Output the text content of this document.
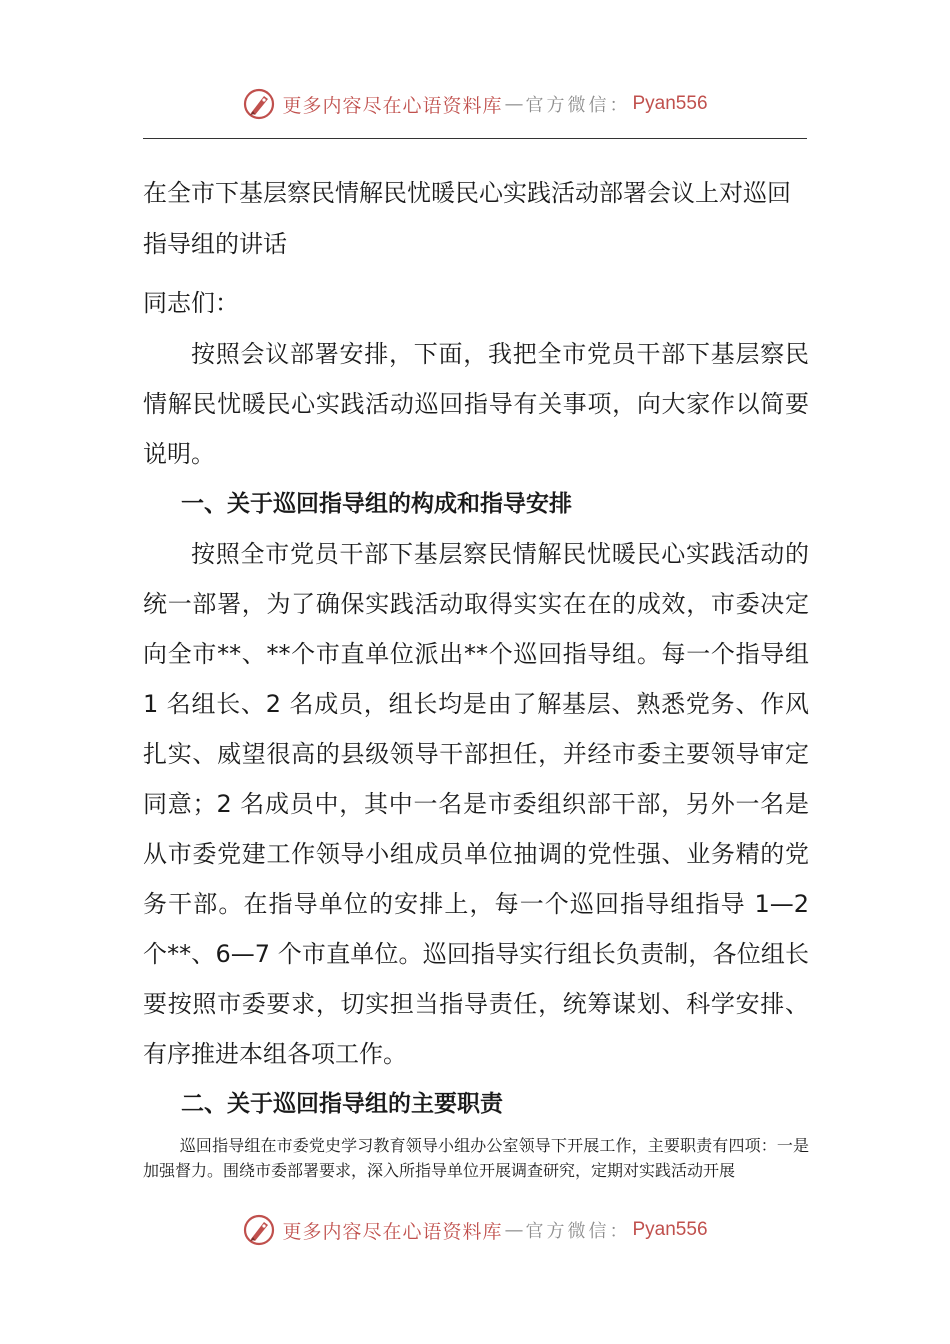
更多内容尽在心语资料库 — 官方微信： Pyan556

在全市下基层察民情解民忧暖民心实践活动部署会议上对巡回指导组的讲话

同志们：

按照会议部署安排，下面，我把全市党员干部下基层察民情解民忧暖民心实践活动巡回指导有关事项，向大家作以简要说明。

一、关于巡回指导组的构成和指导安排

按照全市党员干部下基层察民情解民忧暖民心实践活动的统一部署，为了确保实践活动取得实实在在的成效，市委决定向全市**、**个市直单位派出**个巡回指导组。每一个指导组 1 名组长、2 名成员，组长均是由了解基层、熟悉党务、作风扎实、威望很高的县级领导干部担任，并经市委主要领导审定同意；2 名成员中，其中一名是市委组织部干部，另外一名是从市委党建工作领导小组成员单位抽调的党性强、业务精的党务干部。在指导单位的安排上，每一个巡回指导组指导 1—2 个**、6—7 个市直单位。巡回指导实行组长负责制，各位组长要按照市委要求，切实担当指导责任，统筹谋划、科学安排、有序推进本组各项工作。

二、关于巡回指导组的主要职责

巡回指导组在市委党史学习教育领导小组办公室领导下开展工作，主要职责有四项：一是加强督力。围绕市委部署要求，深入所指导单位开展调查研究，定期对实践活动开展

更多内容尽在心语资料库 — 官方微信： Pyan556
